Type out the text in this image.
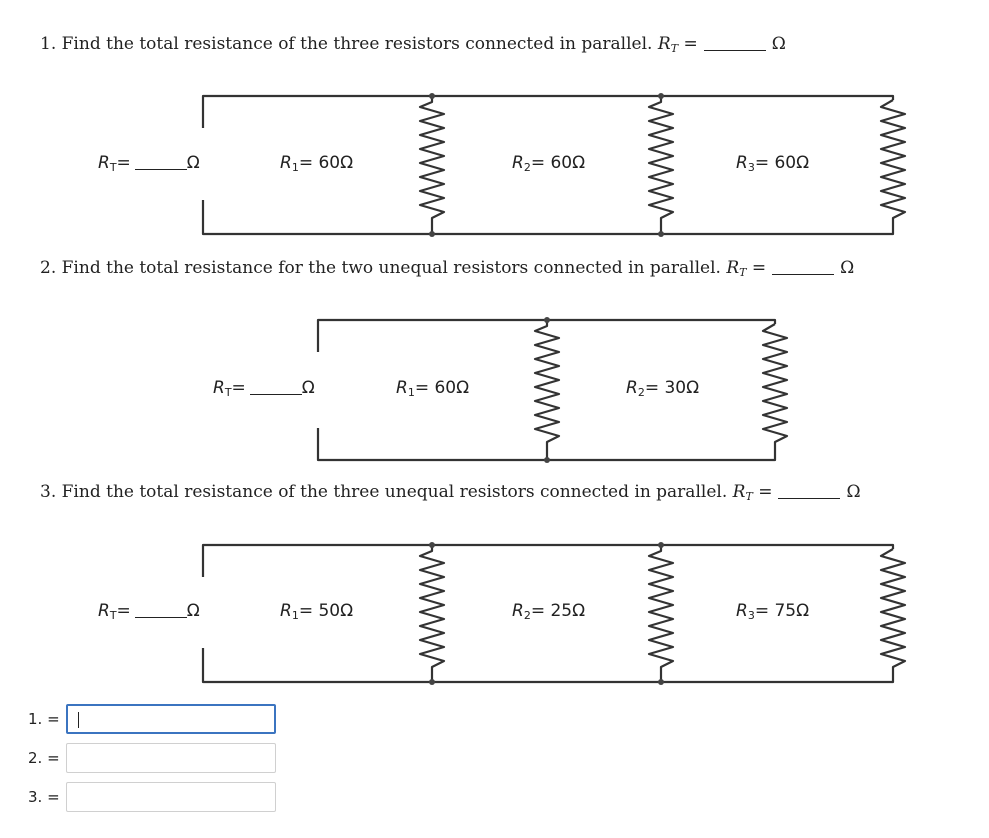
1. Find the total resistance of the three resistors connected in parallel. $R_T$ =	Ω
2. Find the total resistance for the two unequal resistors connected in parallel. $R_T$ =	Ω
3. Find the total resistance of the three unequal resistors connected in parallel. $R_T$ =	Ω
$R_T=$	Ω	$R_1= 60\Omega$	$R_2= 60\Omega$	$R_3= 60\Omega$
$R_T=$	Ω	$R_1= 60\Omega$	$R_2= 30\Omega$
$R_T=$	Ω	$R_1= 50\Omega$	$R_2= 25\Omega$	$R_3= 75\Omega$
1. =
2. =
3. =
